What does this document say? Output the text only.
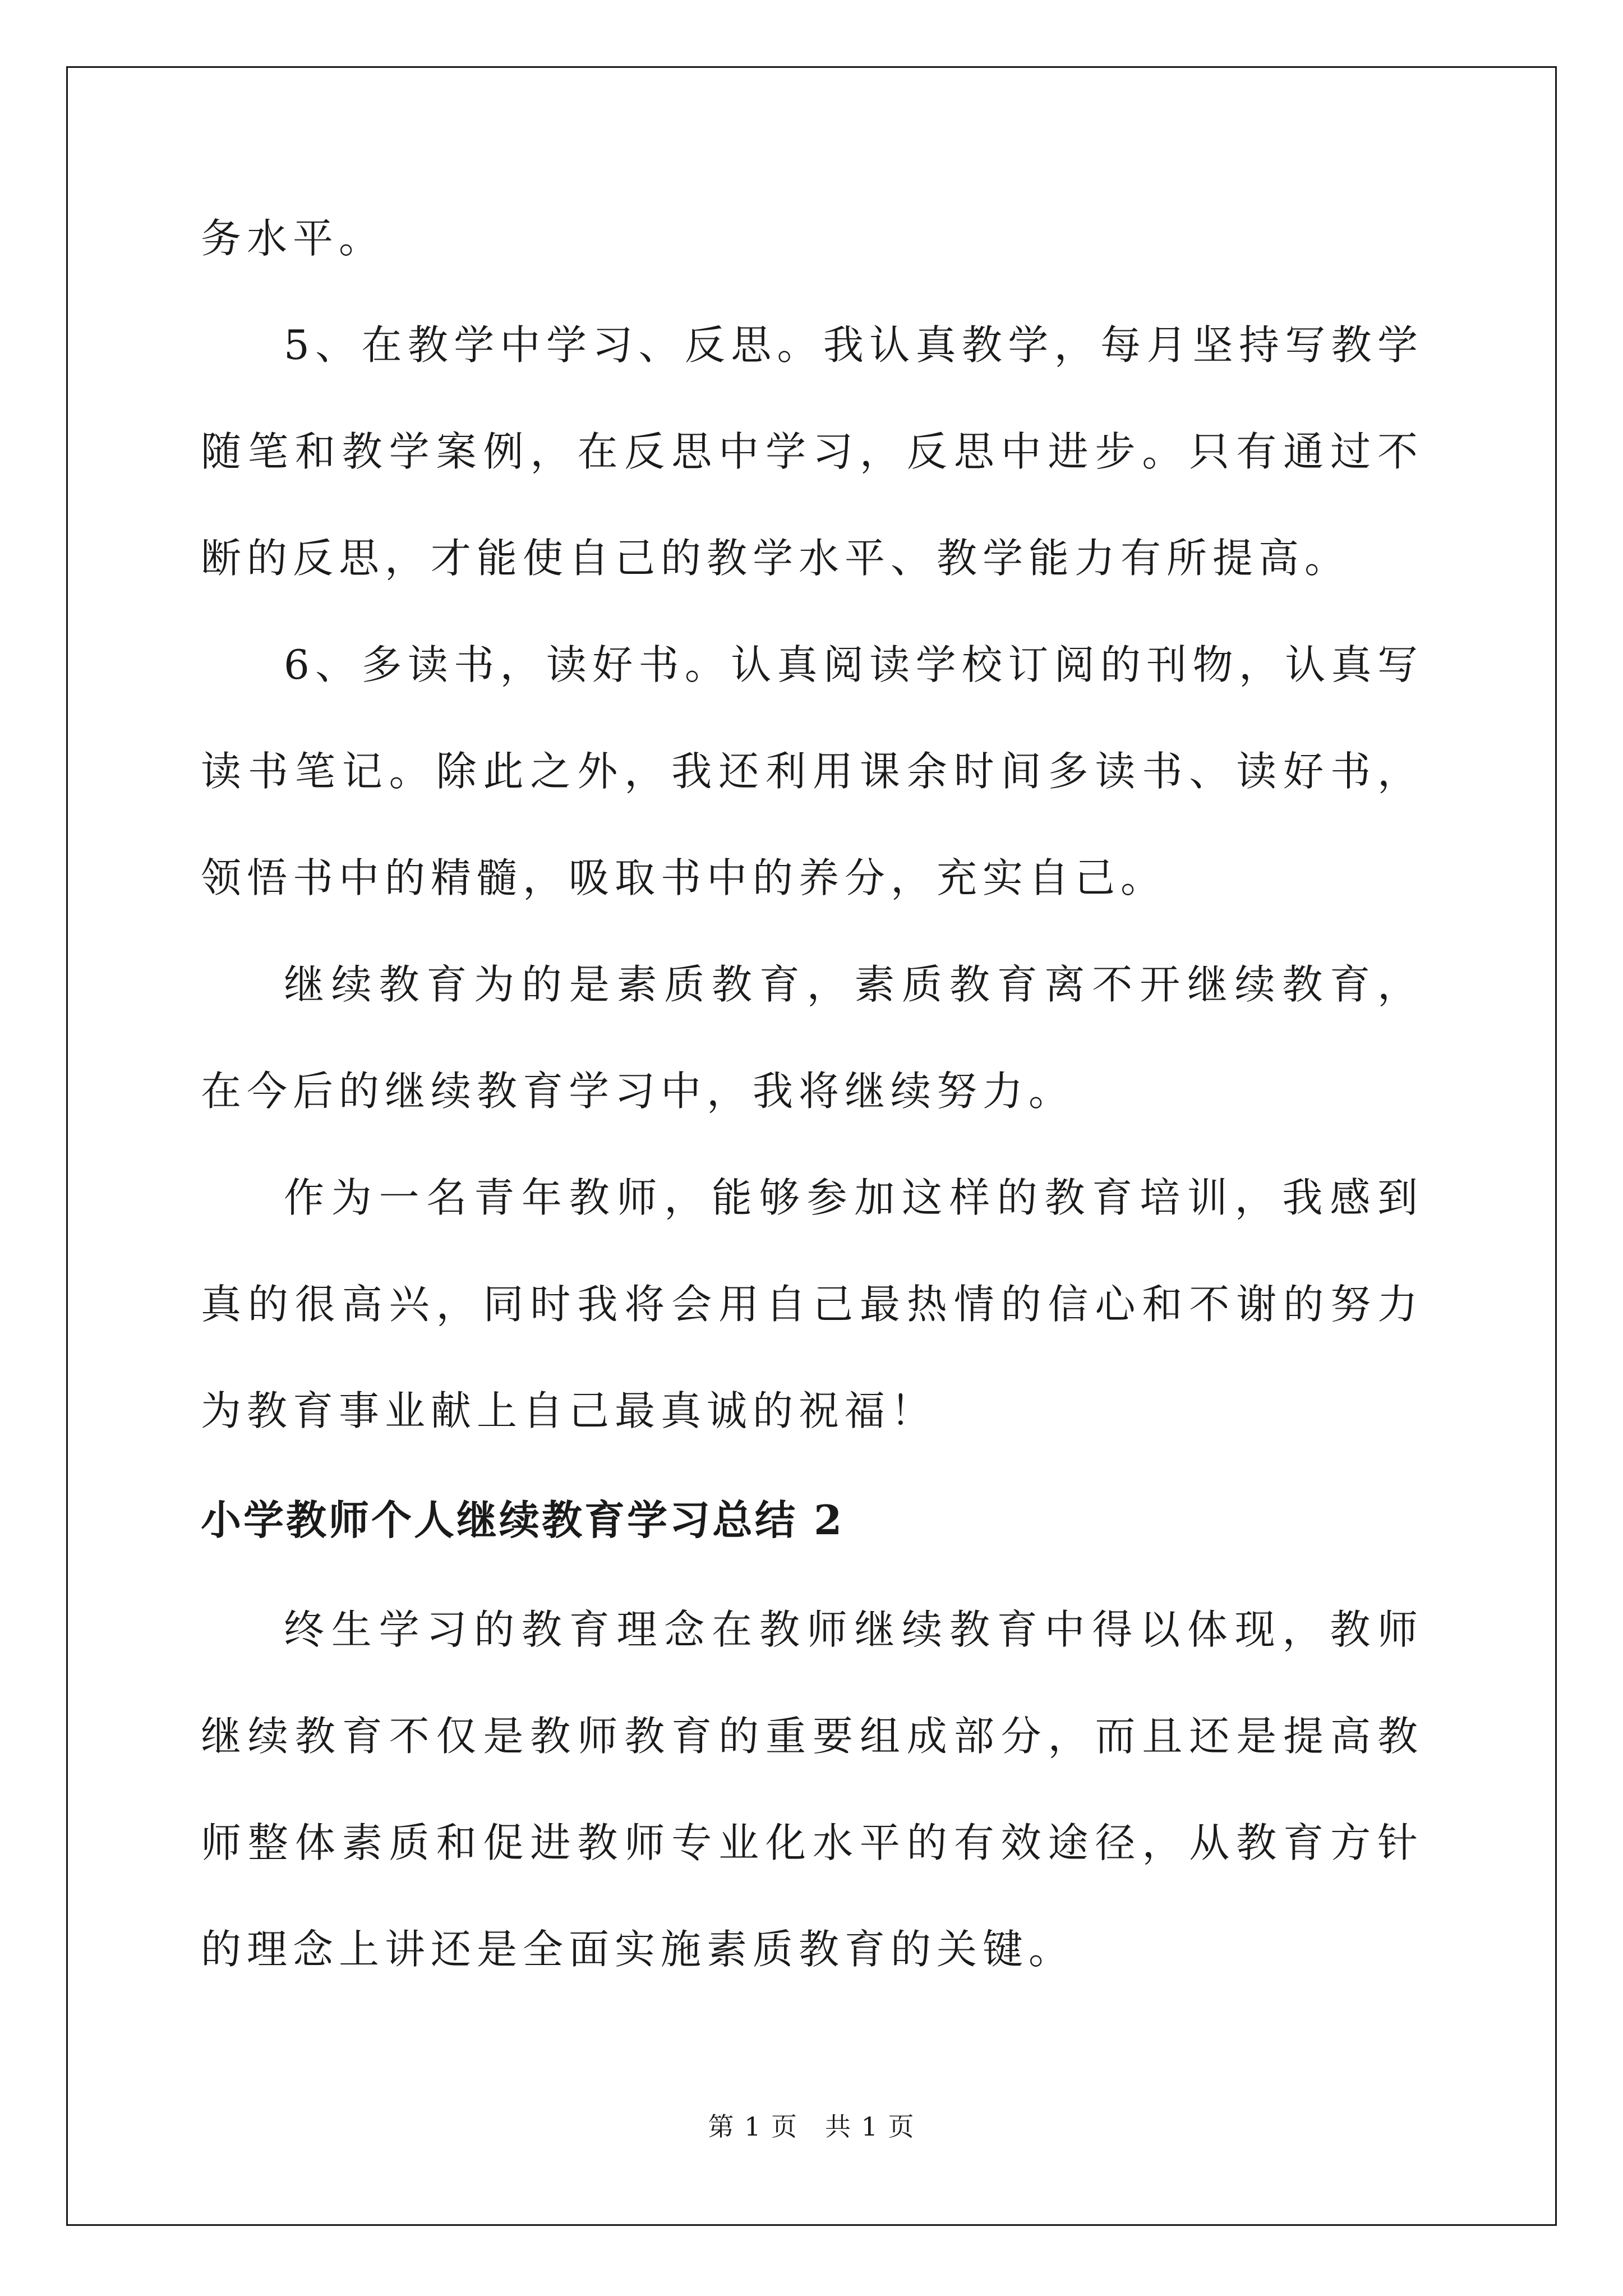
务水平。

5、在教学中学习、反思。我认真教学，每月坚持写教学随笔和教学案例，在反思中学习，反思中进步。只有通过不断的反思，才能使自己的教学水平、教学能力有所提高。

6、多读书，读好书。认真阅读学校订阅的刊物，认真写读书笔记。除此之外，我还利用课余时间多读书、读好书，领悟书中的精髓，吸取书中的养分，充实自己。

继续教育为的是素质教育，素质教育离不开继续教育，在今后的继续教育学习中，我将继续努力。

作为一名青年教师，能够参加这样的教育培训，我感到真的很高兴，同时我将会用自己最热情的信心和不谢的努力为教育事业献上自己最真诚的祝福！

小学教师个人继续教育学习总结 2

终生学习的教育理念在教师继续教育中得以体现，教师继续教育不仅是教师教育的重要组成部分，而且还是提高教师整体素质和促进教师专业化水平的有效途径，从教育方针的理念上讲还是全面实施素质教育的关键。

第 1 页　共 1 页
